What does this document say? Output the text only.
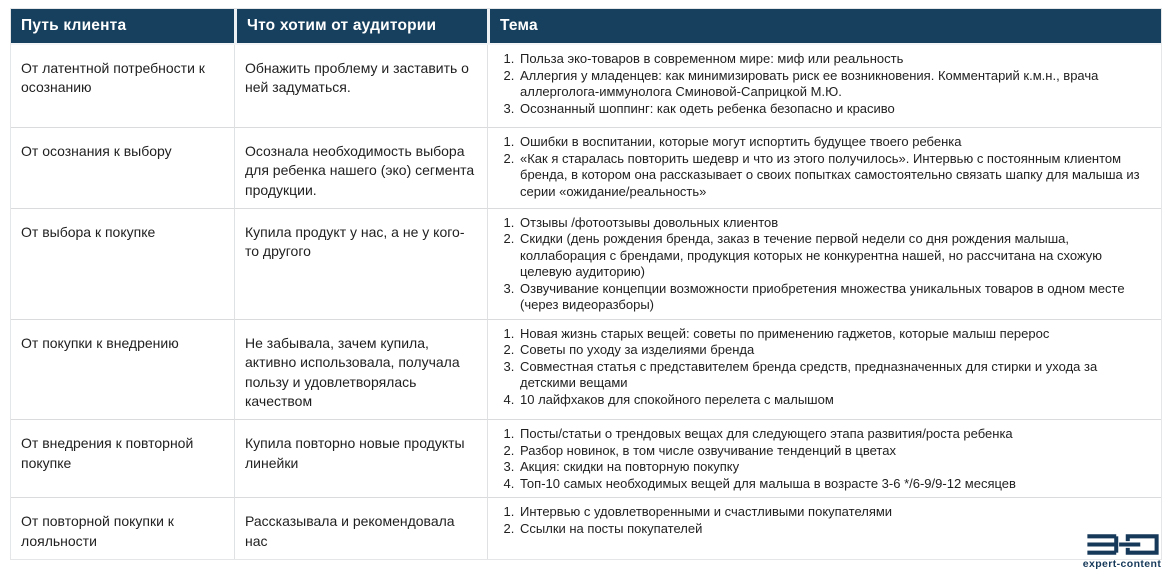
Путь клиента	Что хотим от аудитории	Тема
От латентной потребности к осознанию	Обнажить проблему и заставить о ней задуматься.	
1. Польза эко-товаров в современном мире: миф или реальность
2. Аллергия у младенцев: как минимизировать риск ее возникновения. Комментарий к.м.н., врача аллерголога-иммунолога Сминовой-Саприцкой М.Ю.
3. Осознанный шоппинг: как одеть ребенка безопасно и красиво

От осознания к выбору	Осознала необходимость выбора для ребенка нашего (эко) сегмента продукции.	
1. Ошибки в воспитании, которые могут испортить будущее твоего ребенка
2. «Как я старалась повторить шедевр и что из этого получилось». Интервью с постоянным клиентом бренда, в котором она рассказывает о своих попытках самостоятельно связать шапку для малыша из серии «ожидание/реальность»

От выбора к покупке	Купила продукт у нас, а не у кого-то другого	
1. Отзывы /фотоотзывы довольных клиентов
2. Скидки (день рождения бренда, заказ в течение первой недели со дня рождения малыша, коллаборация с брендами, продукция которых не конкурентна нашей, но рассчитана на схожую целевую аудиторию)
3. Озвучивание концепции возможности приобретения множества уникальных товаров в одном месте (через видеоразборы)

От покупки к внедрению	Не забывала, зачем купила, активно использовала, получала пользу и удовлетворялась качеством	
1. Новая жизнь старых вещей: советы по применению гаджетов, которые малыш перерос
2. Советы по уходу за изделиями бренда
3. Совместная статья с представителем бренда средств, предназначенных для стирки и ухода за детскими вещами
4. 10 лайфхаков для спокойного перелета с малышом

От внедрения к повторной покупке	Купила повторно новые продукты линейки	
1. Посты/статьи о трендовых вещах для следующего этапа развития/роста ребенка
2. Разбор новинок, в том числе озвучивание тенденций в цветах
3. Акция: скидки на повторную покупку
4. Топ-10 самых необходимых вещей для малыша в возрасте 3-6 */6-9/9-12 месяцев

От повторной покупки к лояльности	Рассказывала и рекомендовала нас	
1. Интервью с удовлетворенными и счастливыми покупателями
2. Ссылки на посты покупателей
expert-content
